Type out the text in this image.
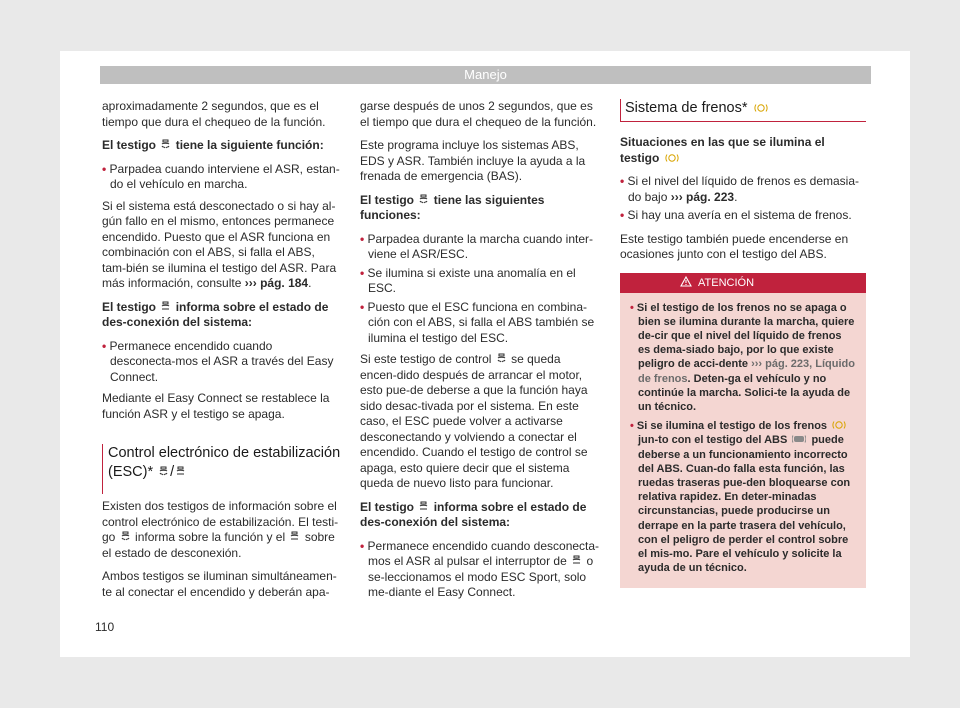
Manejo

aproximadamente 2 segundos, que es el tiempo que dura el chequeo de la función.

El testigo tiene la siguiente función:

• Parpadea cuando interviene el ASR, estan-do el vehículo en marcha.

Si el sistema está desconectado o si hay al-gún fallo en el mismo, entonces permanece encendido. Puesto que el ASR funciona en combinación con el ABS, si falla el ABS, tam-bién se ilumina el testigo del ASR. Para más información, consulte ››› pág. 184.

El testigo informa sobre el estado de des-conexión del sistema:

• Permanece encendido cuando desconecta-mos el ASR a través del Easy Connect.

Mediante el Easy Connect se restablece la función ASR y el testigo se apaga.

Control electrónico de estabilización (ESC)* /

Existen dos testigos de información sobre el control electrónico de estabilización. El testi-go informa sobre la función y el sobre el estado de desconexión.

Ambos testigos se iluminan simultáneamen-te al conectar el encendido y deberán apa-

garse después de unos 2 segundos, que es el tiempo que dura el chequeo de la función.

Este programa incluye los sistemas ABS, EDS y ASR. También incluye la ayuda a la frenada de emergencia (BAS).

El testigo tiene las siguientes funciones:

• Parpadea durante la marcha cuando inter-viene el ASR/ESC.

• Se ilumina si existe una anomalía en el ESC.

• Puesto que el ESC funciona en combina-ción con el ABS, si falla el ABS también se ilumina el testigo del ESC.

Si este testigo de control se queda encen-dido después de arrancar el motor, esto pue-de deberse a que la función haya sido desac-tivada por el sistema. En este caso, el ESC puede volver a activarse desconectando y volviendo a conectar el encendido. Cuando el testigo de control se apaga, esto quiere decir que el sistema queda de nuevo listo para funcionar.

El testigo informa sobre el estado de des-conexión del sistema:

• Permanece encendido cuando desconecta-mos el ASR al pulsar el interruptor de o se-leccionamos el modo ESC Sport, solo me-diante el Easy Connect.

Sistema de frenos*

Situaciones en las que se ilumina el testigo

• Si el nivel del líquido de frenos es demasia-do bajo ››› pág. 223.

• Si hay una avería en el sistema de frenos.

Este testigo también puede encenderse en ocasiones junto con el testigo del ABS.

ATENCIÓN

• Si el testigo de los frenos no se apaga o bien se ilumina durante la marcha, quiere de-cir que el nivel del líquido de frenos es dema-siado bajo, por lo que existe peligro de acci-dente ››› pág. 223, Líquido de frenos. Deten-ga el vehículo y no continúe la marcha. Solici-te la ayuda de un técnico.

• Si se ilumina el testigo de los frenos  jun-to con el testigo del ABS puede deberse a un funcionamiento incorrecto del ABS. Cuan-do falla esta función, las ruedas traseras pue-den bloquearse con relativa rapidez. En deter-minadas circunstancias, puede producirse un derrape en la parte trasera del vehículo, con el peligro de perder el control sobre el mis-mo. Pare el vehículo y solicite la ayuda de un técnico.

110
